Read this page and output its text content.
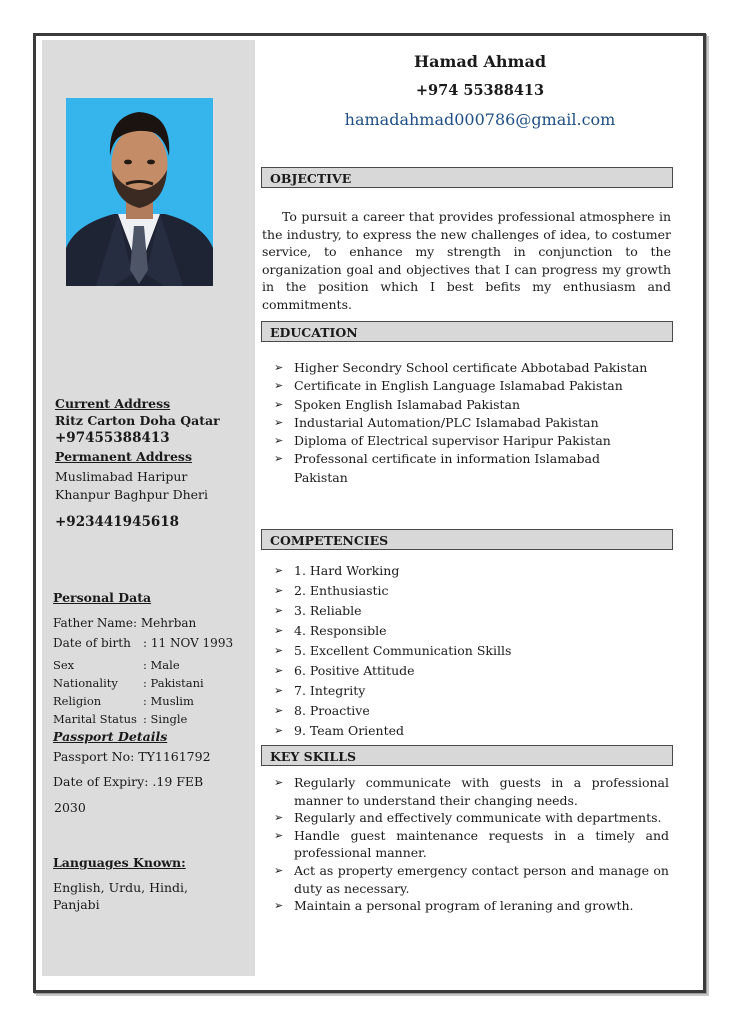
Current Address
Ritz Carton Doha Qatar
+97455388413
Permanent Address
Muslimabad Haripur
Khanpur Baghpur Dheri
+923441945618
Personal Data
Father Name: Mehrban
Date of birth : 11 NOV 1993
Sex	: Male
Nationality : Pakistani
Religion	: Muslim
Marital Status : Single
Passport Details
Passport No: TY1161792
Date of Expiry: .19 FEB
2030
Languages Known:
English, Urdu, Hindi,
Panjabi
Hamad Ahmad
+974 55388413
hamadahmad000786@gmail.com
OBJECTIVE
To pursuit a career that provides professional atmosphere in the industry, to express the new challenges of idea, to costumer service, to enhance my strength in conjunction to the organization goal and objectives that I can progress my growth in the position which I best befits my enthusiasm and commitments.
EDUCATION
➢ Higher Secondry School certificate Abbotabad Pakistan
➢ Certificate in English Language Islamabad Pakistan
➢ Spoken English Islamabad Pakistan
➢ Industarial Automation/PLC Islamabad Pakistan
➢ Diploma of Electrical supervisor Haripur Pakistan
➢ Professonal certificate in information Islamabad Pakistan
COMPETENCIES
➢ 1. Hard Working
➢ 2. Enthusiastic
➢ 3. Reliable
➢ 4. Responsible
➢ 5. Excellent Communication Skills
➢ 6. Positive Attitude
➢ 7. Integrity
➢ 8. Proactive
➢ 9. Team Oriented
KEY SKILLS
➢ Regularly communicate with guests in a professional manner to understand their changing needs.
➢ Regularly and effectively communicate with departments.
➢ Handle guest maintenance requests in a timely and professional manner.
➢ Act as property emergency contact person and manage on duty as necessary.
➢ Maintain a personal program of leraning and growth.
